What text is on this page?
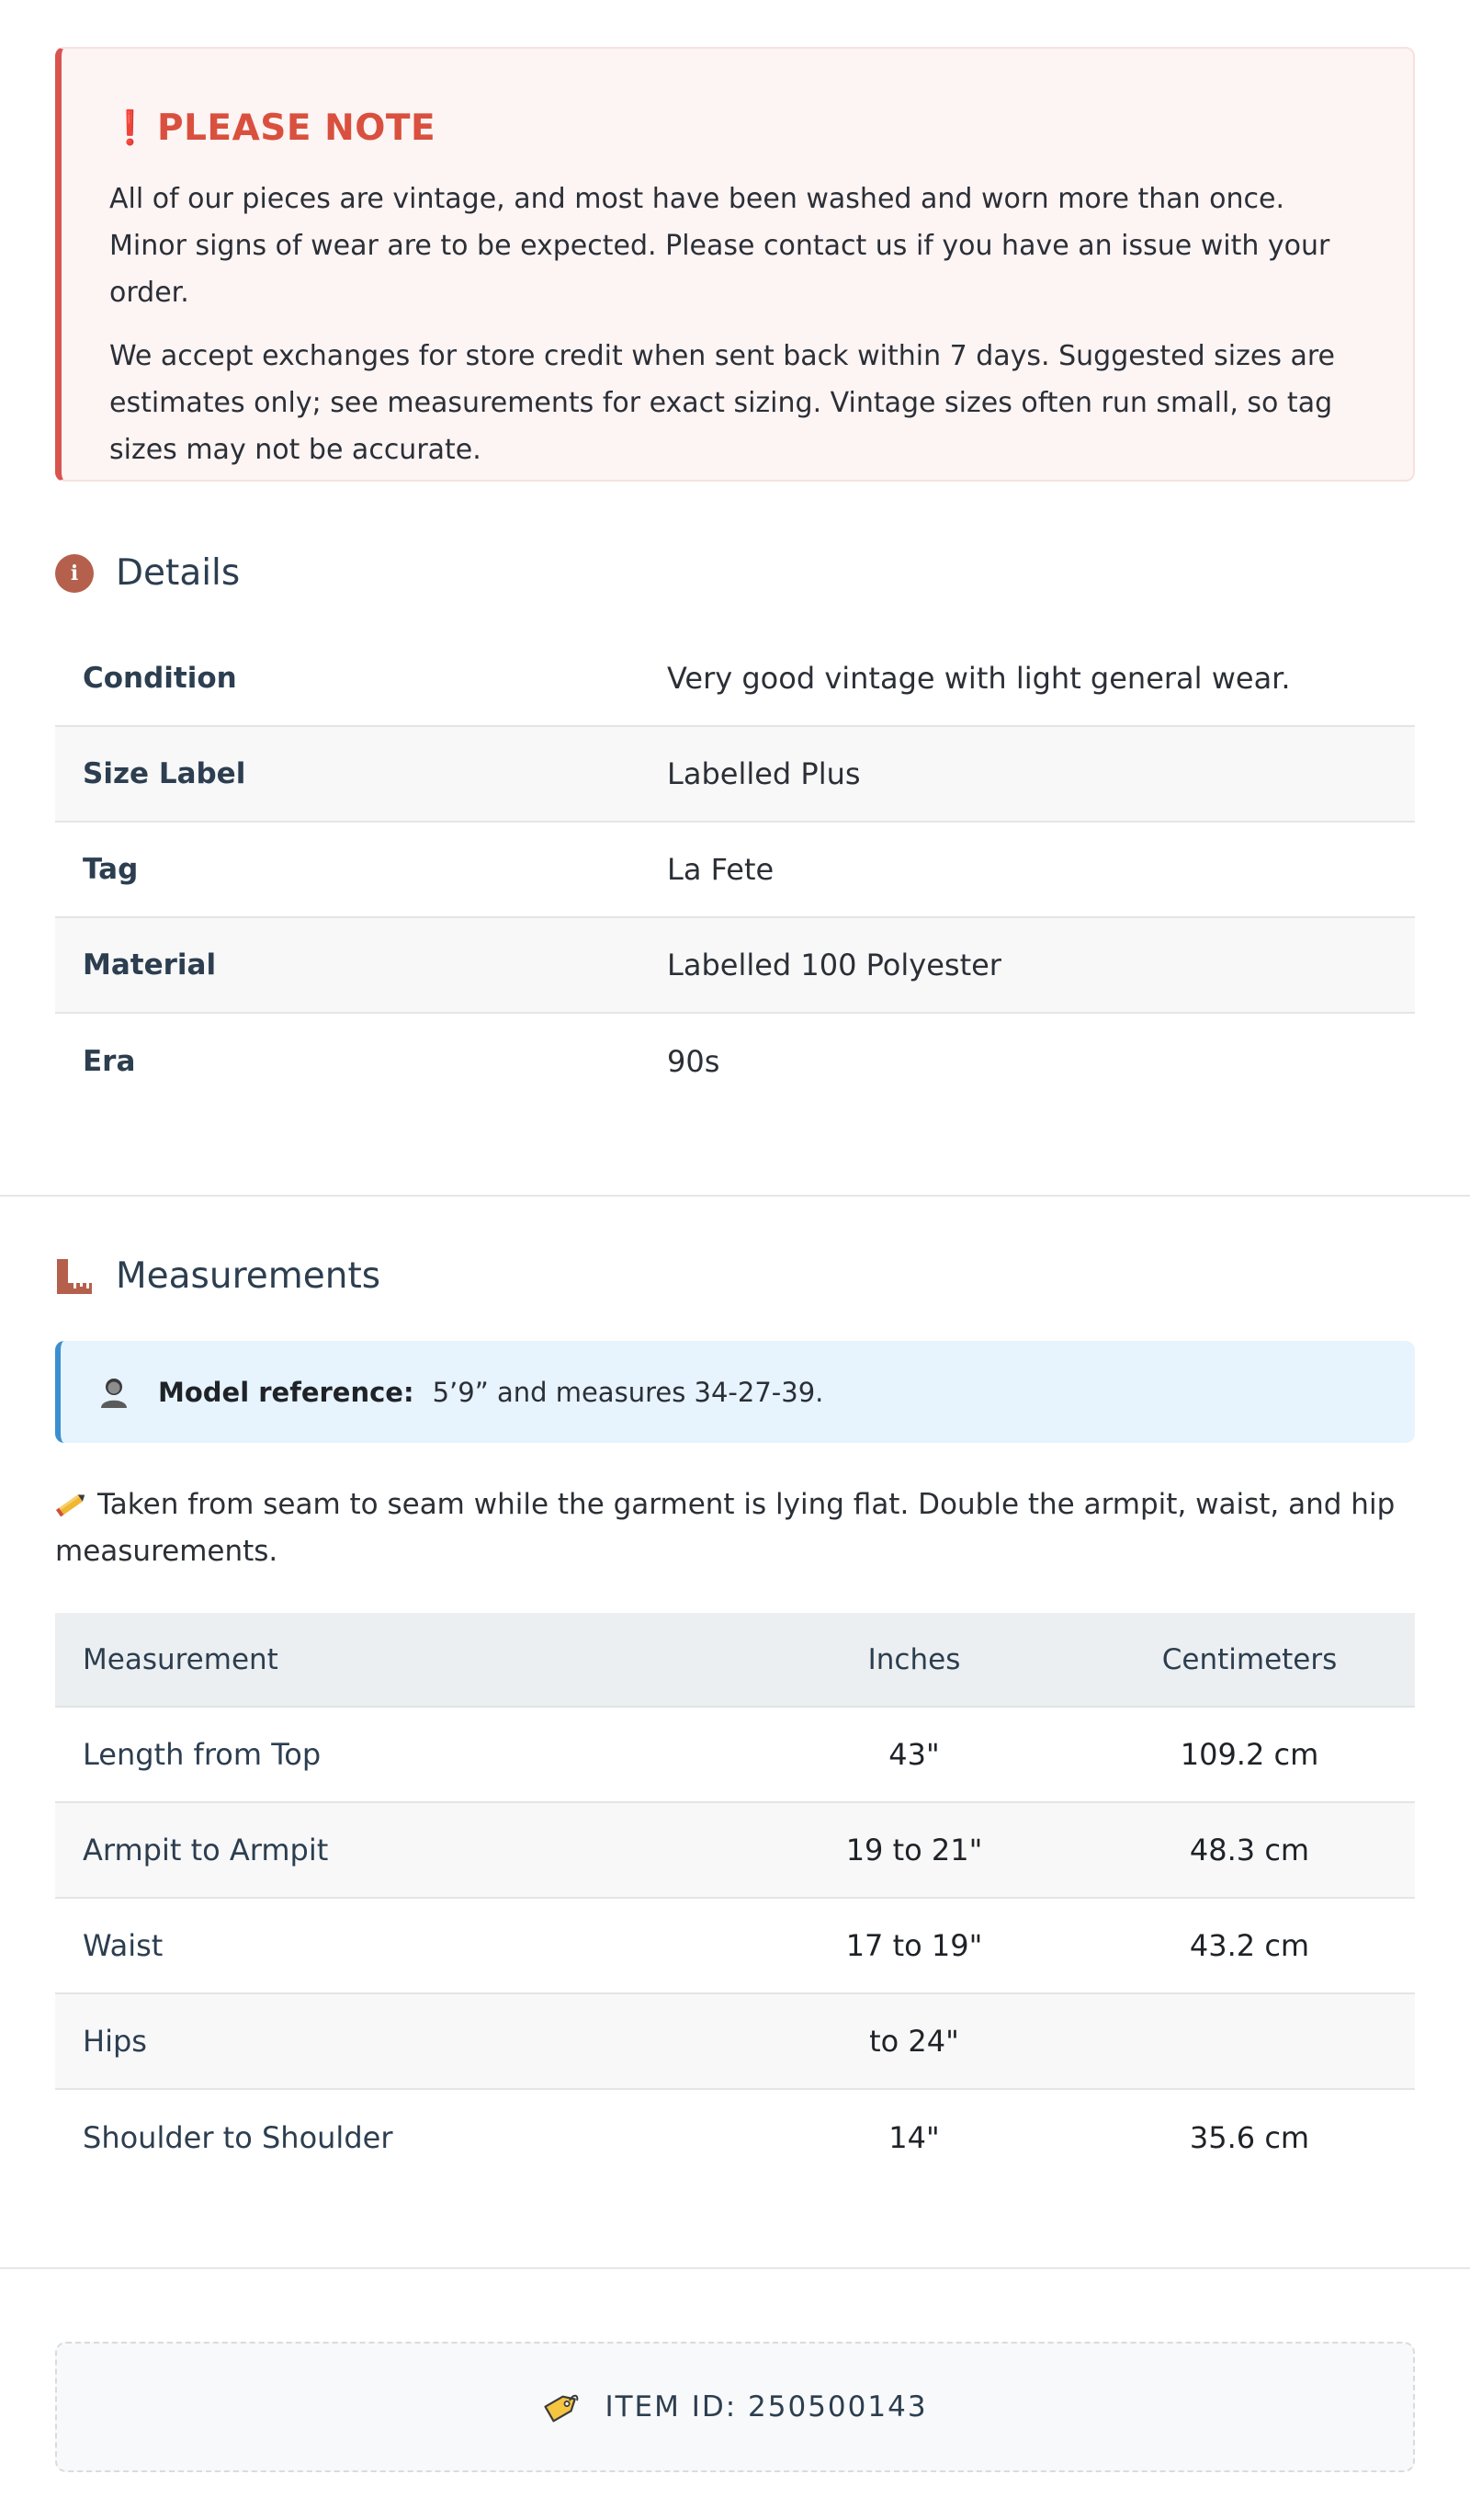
❗ PLEASE NOTE

All of our pieces are vintage, and most have been washed and worn more than once. Minor signs of wear are to be expected. Please contact us if you have an issue with your order.

We accept exchanges for store credit when sent back within 7 days. Suggested sizes are estimates only; see measurements for exact sizing. Vintage sizes often run small, so tag sizes may not be accurate.

i	Details
Condition	Very good vintage with light general wear.
Size Label	Labelled Plus
Tag	La Fete
Material	Labelled 100 Polyester
Era	90s
Measurements
Model reference: 5’9” and measures 34-27-39.
Taken from seam to seam while the garment is lying flat. Double the armpit, waist, and hip measurements.
Measurement	Inches	Centimeters
Length from Top	43"	109.2 cm
Armpit to Armpit	19 to 21"	48.3 cm
Waist	17 to 19"	43.2 cm
Hips	to 24"	
Shoulder to Shoulder	14"	35.6 cm
ITEM ID: 250500143
